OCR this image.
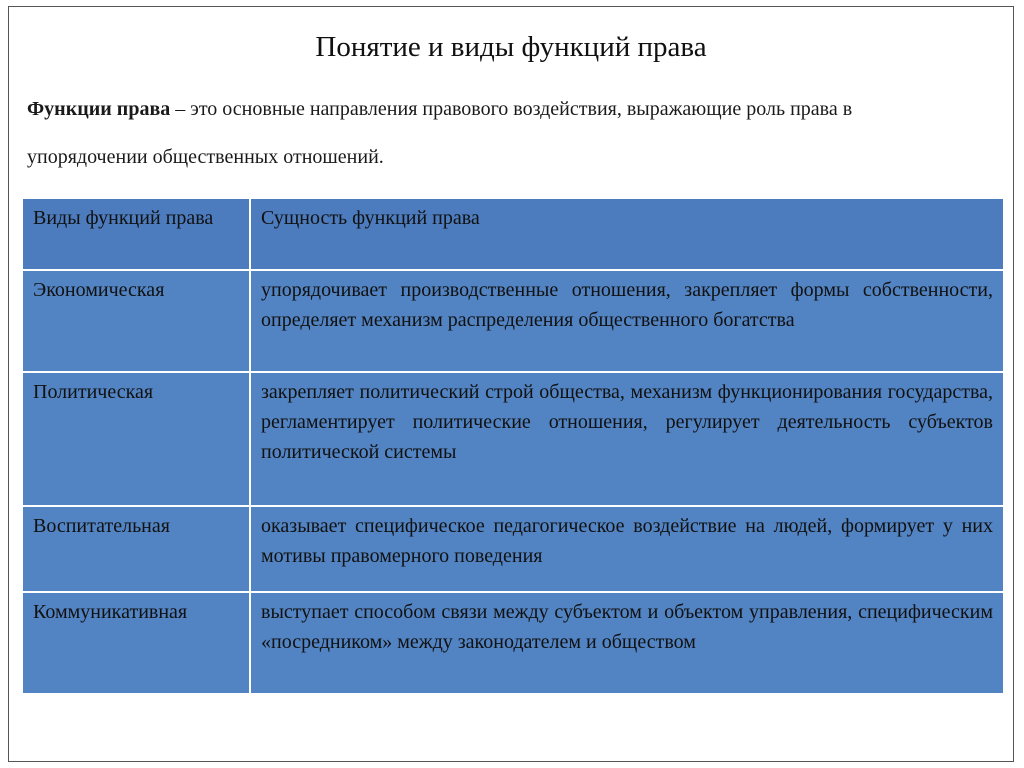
Понятие и виды функций права
Функции права – это основные направления правового воздействия, выражающие роль права в упорядочении общественных отношений.
Виды функций права	Сущность функций права
Экономическая	упорядочивает производственные отношения, закрепляет формы собственности, определяет механизм распределения общественного богатства
Политическая	закрепляет политический строй общества, механизм функционирования государства, регламентирует политические отношения, регулирует деятельность субъектов политической системы
Воспитательная	оказывает специфическое педагогическое воздействие на людей, формирует у них мотивы правомерного поведения
Коммуникативная	выступает способом связи между субъектом и объектом управления, специфическим «посредником» между законодателем и обществом
